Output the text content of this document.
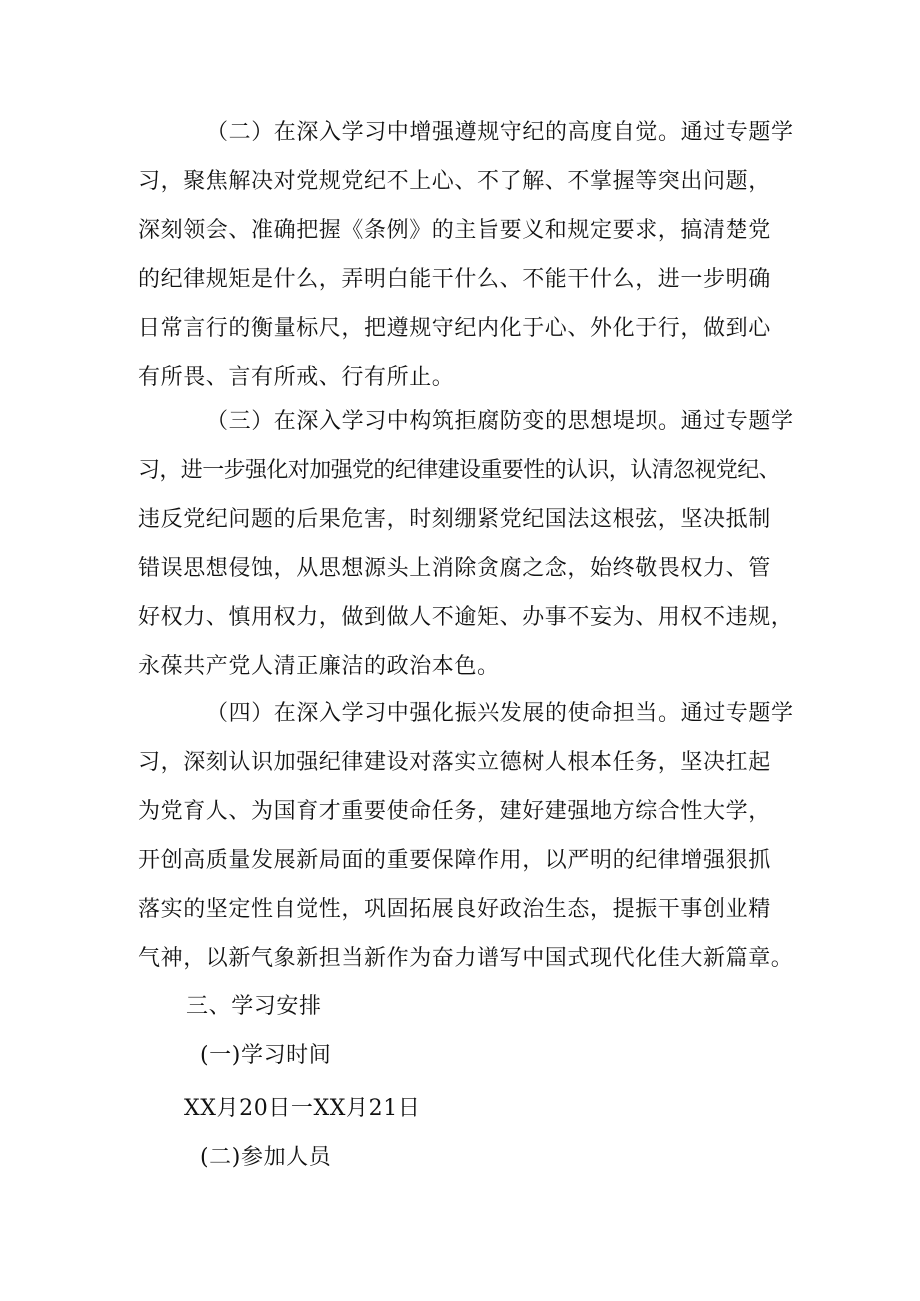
（二）在深入学习中增强遵规守纪的高度自觉。通过专题学
习，聚焦解决对党规党纪不上心、不了解、不掌握等突出问题，
深刻领会、准确把握《条例》的主旨要义和规定要求，搞清楚党
的纪律规矩是什么，弄明白能干什么、不能干什么，进一步明确
日常言行的衡量标尺，把遵规守纪内化于心、外化于行，做到心
有所畏、言有所戒、行有所止。
（三）在深入学习中构筑拒腐防变的思想堤坝。通过专题学
习，进一步强化对加强党的纪律建设重要性的认识，认清忽视党纪、
违反党纪问题的后果危害，时刻绷紧党纪国法这根弦，坚决抵制
错误思想侵蚀，从思想源头上消除贪腐之念，始终敬畏权力、管
好权力、慎用权力，做到做人不逾矩、办事不妄为、用权不违规，
永葆共产党人清正廉洁的政治本色。
（四）在深入学习中强化振兴发展的使命担当。通过专题学
习，深刻认识加强纪律建设对落实立德树人根本任务，坚决扛起
为党育人、为国育才重要使命任务，建好建强地方综合性大学，
开创高质量发展新局面的重要保障作用，以严明的纪律增强狠抓
落实的坚定性自觉性，巩固拓展良好政治生态，提振干事创业精
气神，以新气象新担当新作为奋力谱写中国式现代化佳大新篇章。
三、学习安排
(一)学习时间
XX月20日一XX月21日
(二)参加人员
